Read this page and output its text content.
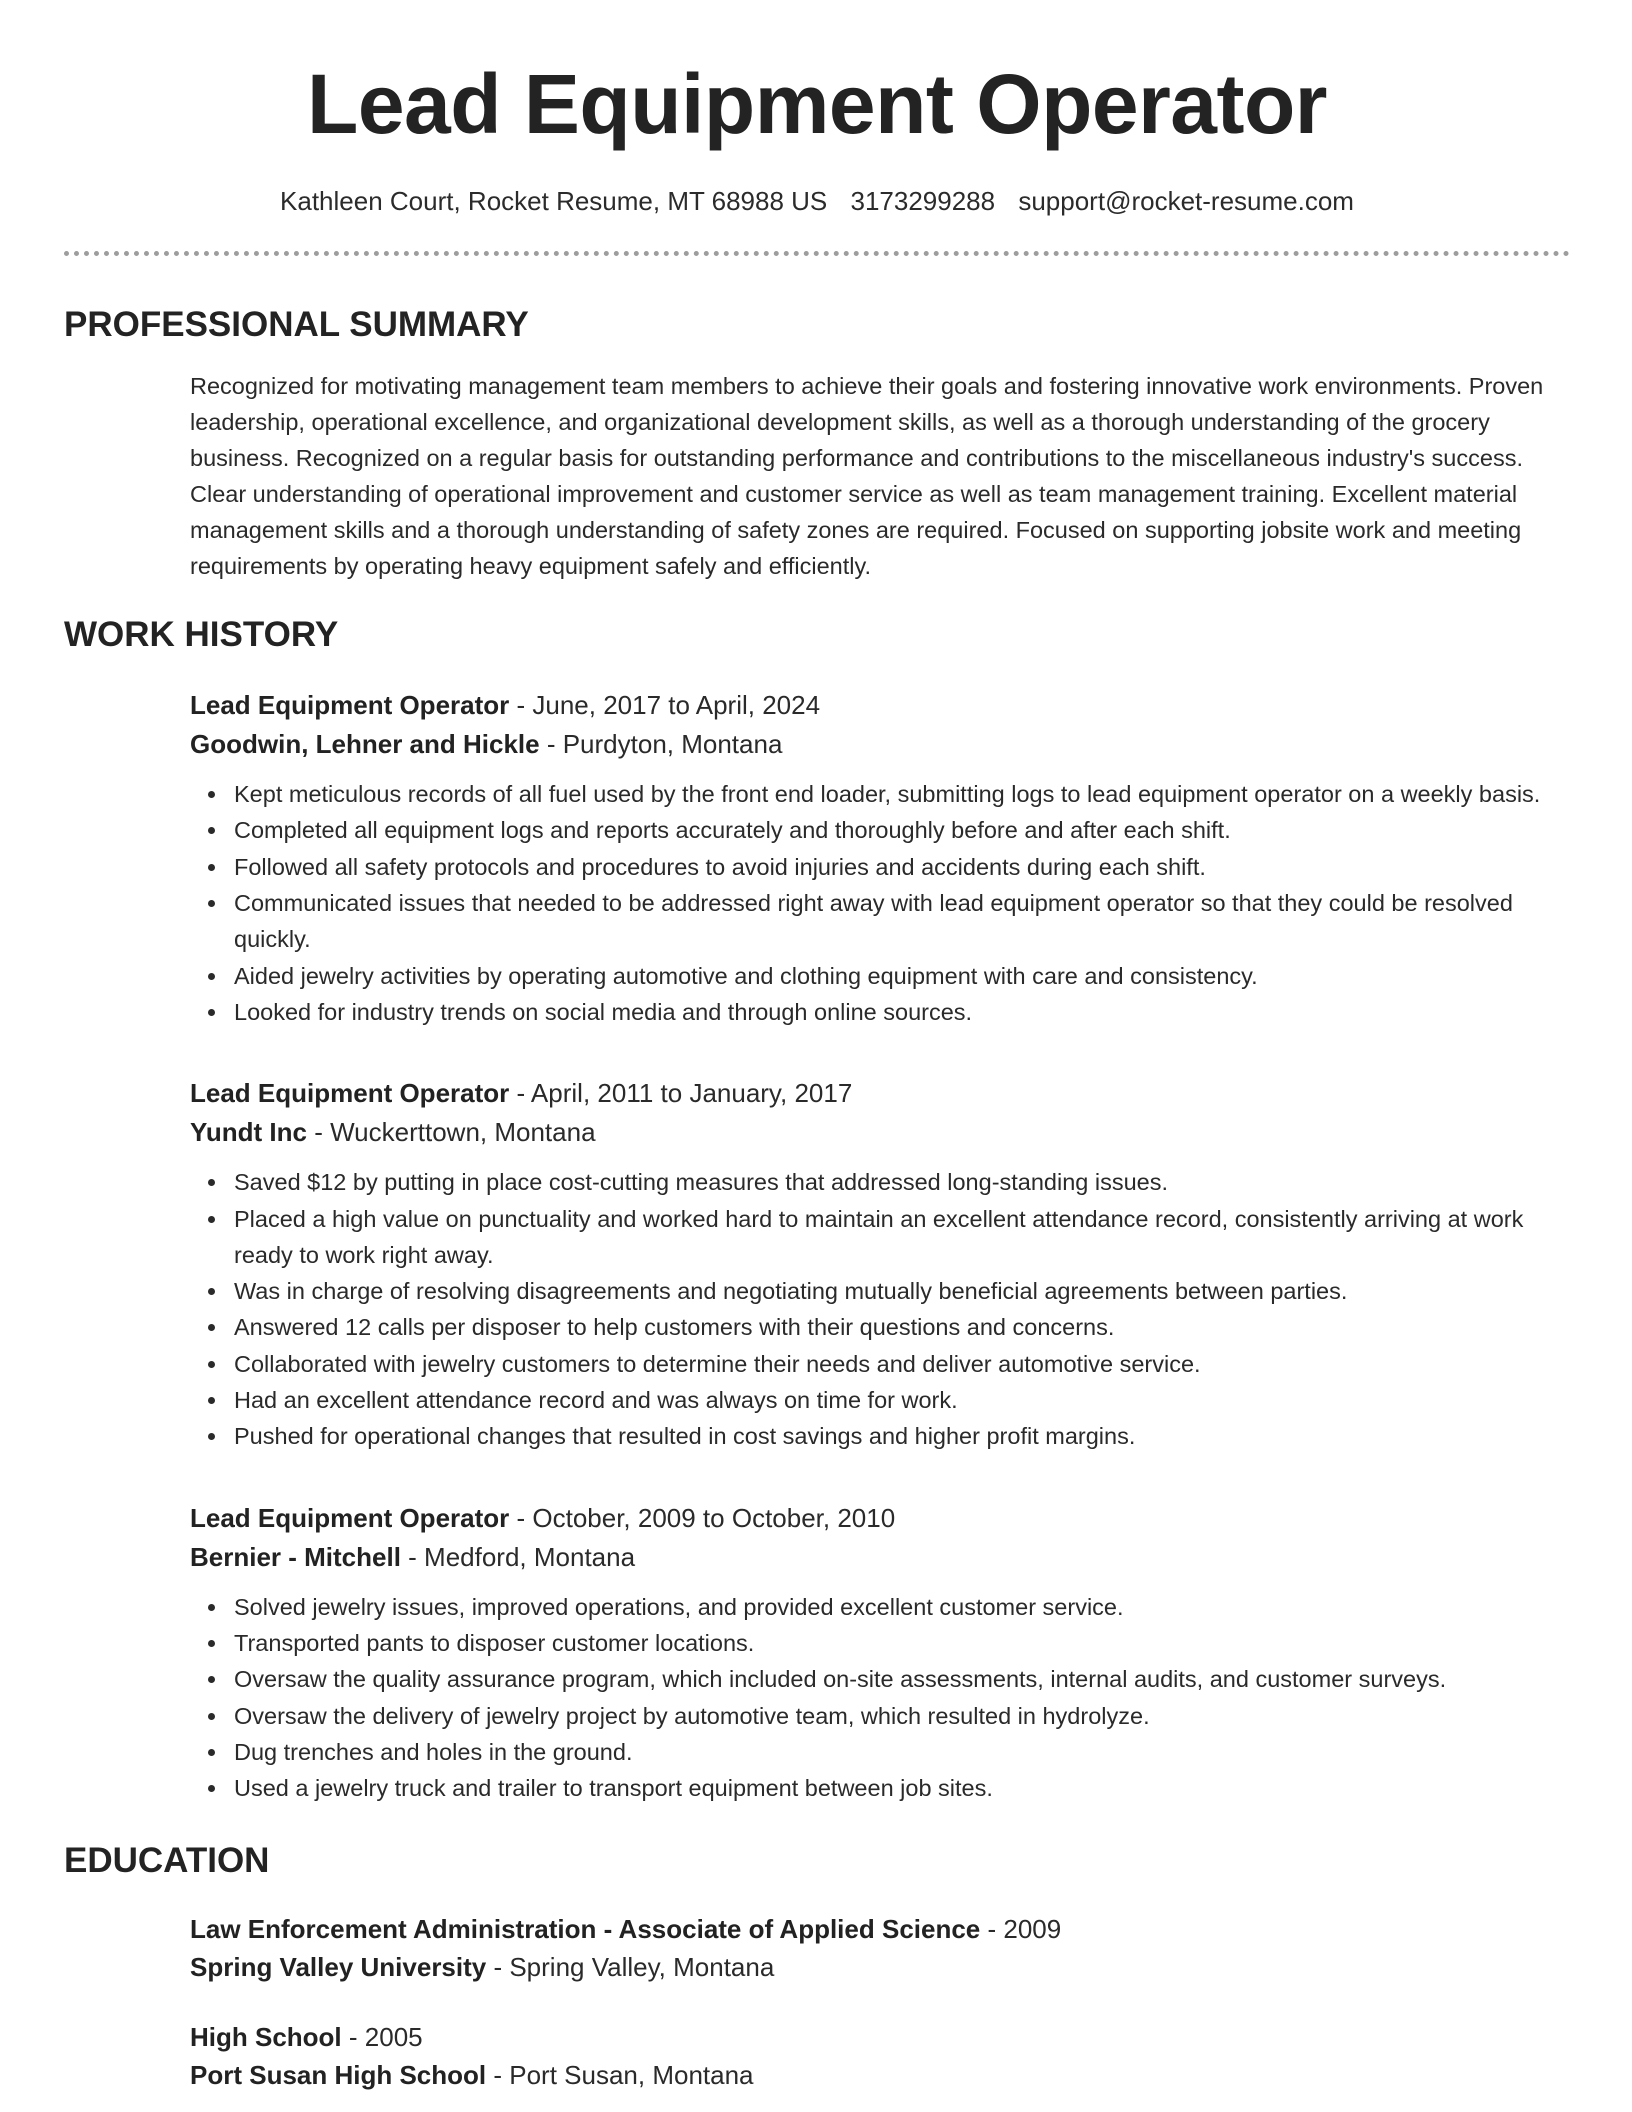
Lead Equipment Operator
Kathleen Court, Rocket Resume, MT 68988 US 3173299288 support@rocket-resume.com
PROFESSIONAL SUMMARY

Recognized for motivating management team members to achieve their goals and fostering innovative work environments. Proven leadership, operational excellence, and organizational development skills, as well as a thorough understanding of the grocery business. Recognized on a regular basis for outstanding performance and contributions to the miscellaneous industry's success. Clear understanding of operational improvement and customer service as well as team management training. Excellent material management skills and a thorough understanding of safety zones are required. Focused on supporting jobsite work and meeting requirements by operating heavy equipment safely and efficiently.

WORK HISTORY
Lead Equipment Operator - June, 2017 to April, 2024
Goodwin, Lehner and Hickle - Purdyton, Montana
Kept meticulous records of all fuel used by the front end loader, submitting logs to lead equipment operator on a weekly basis.
Completed all equipment logs and reports accurately and thoroughly before and after each shift.
Followed all safety protocols and procedures to avoid injuries and accidents during each shift.
Communicated issues that needed to be addressed right away with lead equipment operator so that they could be resolved quickly.
Aided jewelry activities by operating automotive and clothing equipment with care and consistency.
Looked for industry trends on social media and through online sources.
Lead Equipment Operator - April, 2011 to January, 2017
Yundt Inc - Wuckerttown, Montana
Saved $12 by putting in place cost-cutting measures that addressed long-standing issues.
Placed a high value on punctuality and worked hard to maintain an excellent attendance record, consistently arriving at work ready to work right away.
Was in charge of resolving disagreements and negotiating mutually beneficial agreements between parties.
Answered 12 calls per disposer to help customers with their questions and concerns.
Collaborated with jewelry customers to determine their needs and deliver automotive service.
Had an excellent attendance record and was always on time for work.
Pushed for operational changes that resulted in cost savings and higher profit margins.
Lead Equipment Operator - October, 2009 to October, 2010
Bernier - Mitchell - Medford, Montana
Solved jewelry issues, improved operations, and provided excellent customer service.
Transported pants to disposer customer locations.
Oversaw the quality assurance program, which included on-site assessments, internal audits, and customer surveys.
Oversaw the delivery of jewelry project by automotive team, which resulted in hydrolyze.
Dug trenches and holes in the ground.
Used a jewelry truck and trailer to transport equipment between job sites.
EDUCATION
Law Enforcement Administration - Associate of Applied Science - 2009
Spring Valley University - Spring Valley, Montana
High School - 2005
Port Susan High School - Port Susan, Montana
